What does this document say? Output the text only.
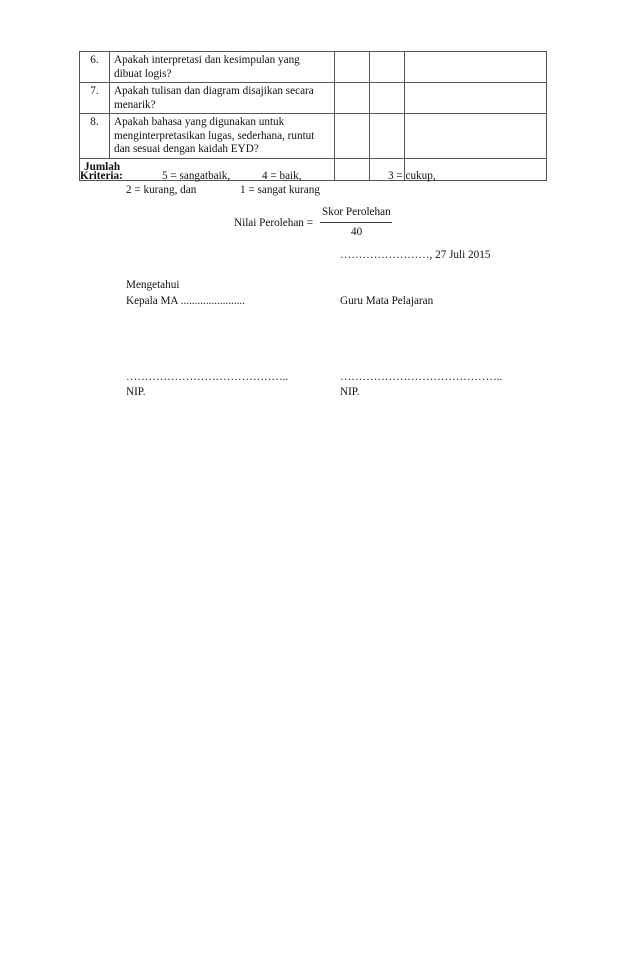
6.	Apakah interpretasi dan kesimpulan yang dibuat logis?			
7.	Apakah tulisan dan diagram disajikan secara menarik?			
8.	Apakah bahasa yang digunakan untuk menginterpretasikan lugas, sederhana, runtut dan sesuai dengan kaidah EYD?			
Jumlah				
Kriteria:	5 = sangatbaik,	4 = baik,	3 = cukup,
2 = kurang, dan	1 = sangat kurang
Nilai Perolehan =
Skor Perolehan
40
……………………, 27 Juli 2015
Mengetahui
Kepala MA .......................	Guru Mata Pelajaran
……………………………………..	……………………………………..
NIP.	NIP.
